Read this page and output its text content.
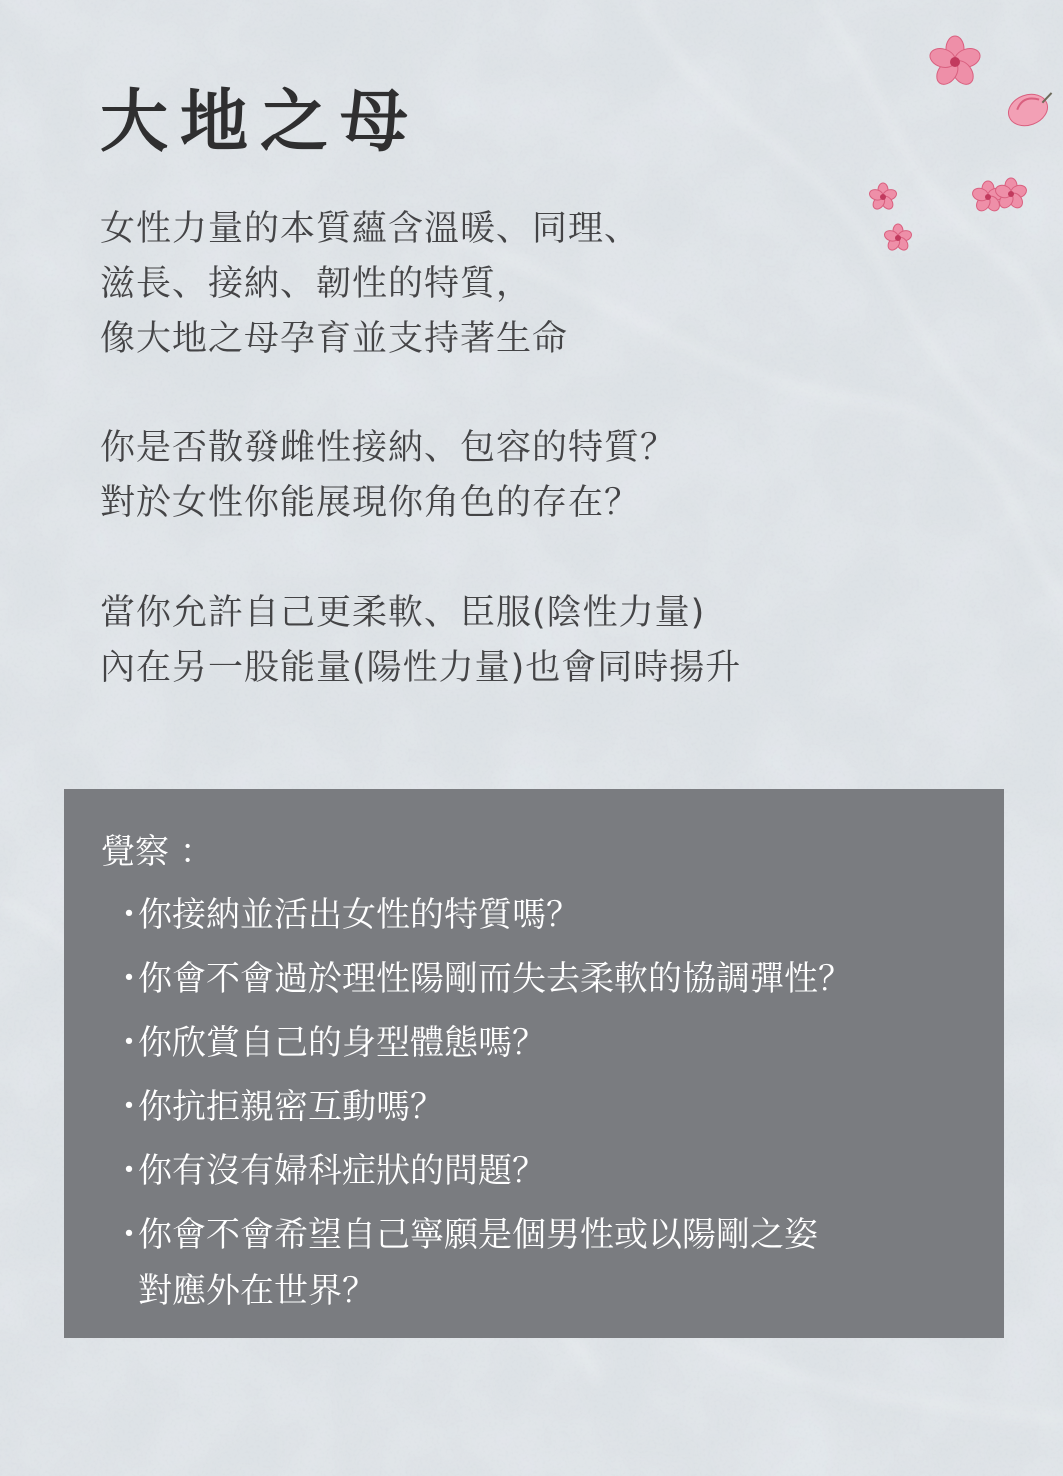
大地之母

女性力量的本質蘊含溫暖、同理、
滋長、接納、韌性的特質，
像大地之母孕育並支持著生命

你是否散發雌性接納、包容的特質？
對於女性你能展現你角色的存在？

當你允許自己更柔軟、臣服(陰性力量)
內在另一股能量(陽性力量)也會同時揚升

覺察 ：
・
你接納並活出女性的特質嗎？
・
你會不會過於理性陽剛而失去柔軟的協調彈性？
・
你欣賞自己的身型體態嗎？
・
你抗拒親密互動嗎？
・
你有沒有婦科症狀的問題？
・
你會不會希望自己寧願是個男性或以陽剛之姿
對應外在世界？
